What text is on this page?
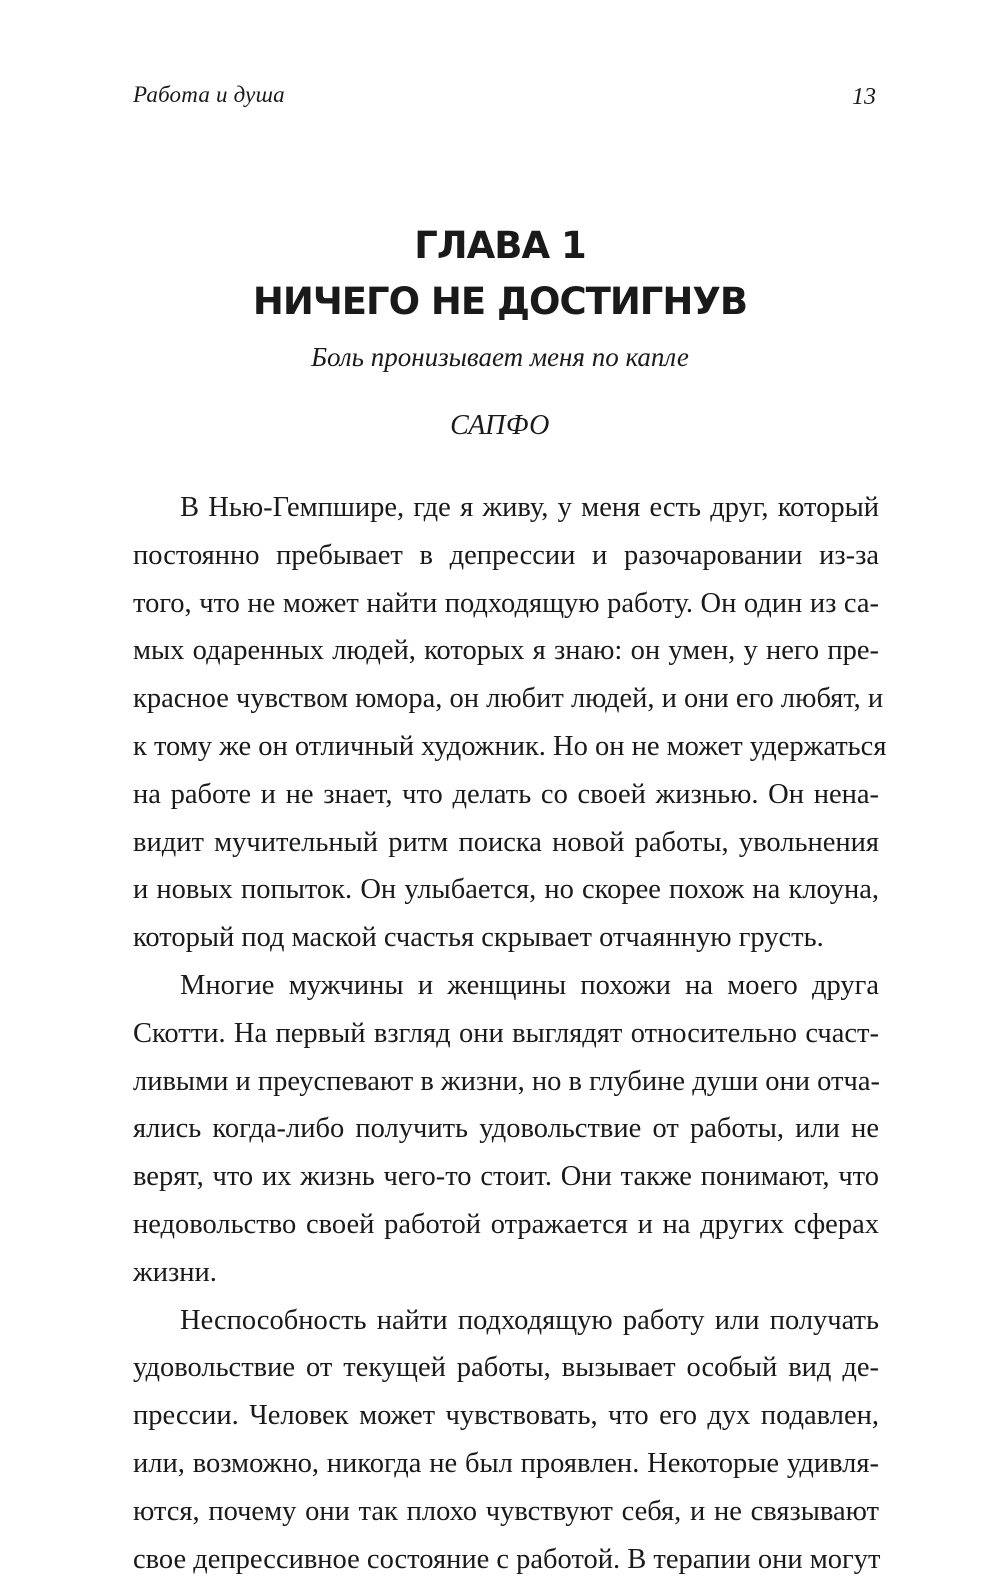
Работа и душа	13
ГЛАВА 1
НИЧЕГО НЕ ДОСТИГНУВ
Боль пронизывает меня по капле
САПФО
В Нью-Гемпшире, где я живу, у меня есть друг, который
постоянно пребывает в депрессии и разочаровании из-за
того, что не может найти подходящую работу. Он один из са-
мых одаренных людей, которых я знаю: он умен, у него пре-
красное чувством юмора, он любит людей, и они его любят, и
к тому же он отличный художник. Но он не может удержаться
на работе и не знает, что делать со своей жизнью. Он нена-
видит мучительный ритм поиска новой работы, увольнения
и новых попыток. Он улыбается, но скорее похож на клоуна,
который под маской счастья скрывает отчаянную грусть.
Многие мужчины и женщины похожи на моего друга
Скотти. На первый взгляд они выглядят относительно счаст-
ливыми и преуспевают в жизни, но в глубине души они отча-
ялись когда-либо получить удовольствие от работы, или не
верят, что их жизнь чего-то стоит. Они также понимают, что
недовольство своей работой отражается и на других сферах
жизни.
Неспособность найти подходящую работу или получать
удовольствие от текущей работы, вызывает особый вид де-
прессии. Человек может чувствовать, что его дух подавлен,
или, возможно, никогда не был проявлен. Некоторые удивля-
ются, почему они так плохо чувствуют себя, и не связывают
свое депрессивное состояние с работой. В терапии они могут
